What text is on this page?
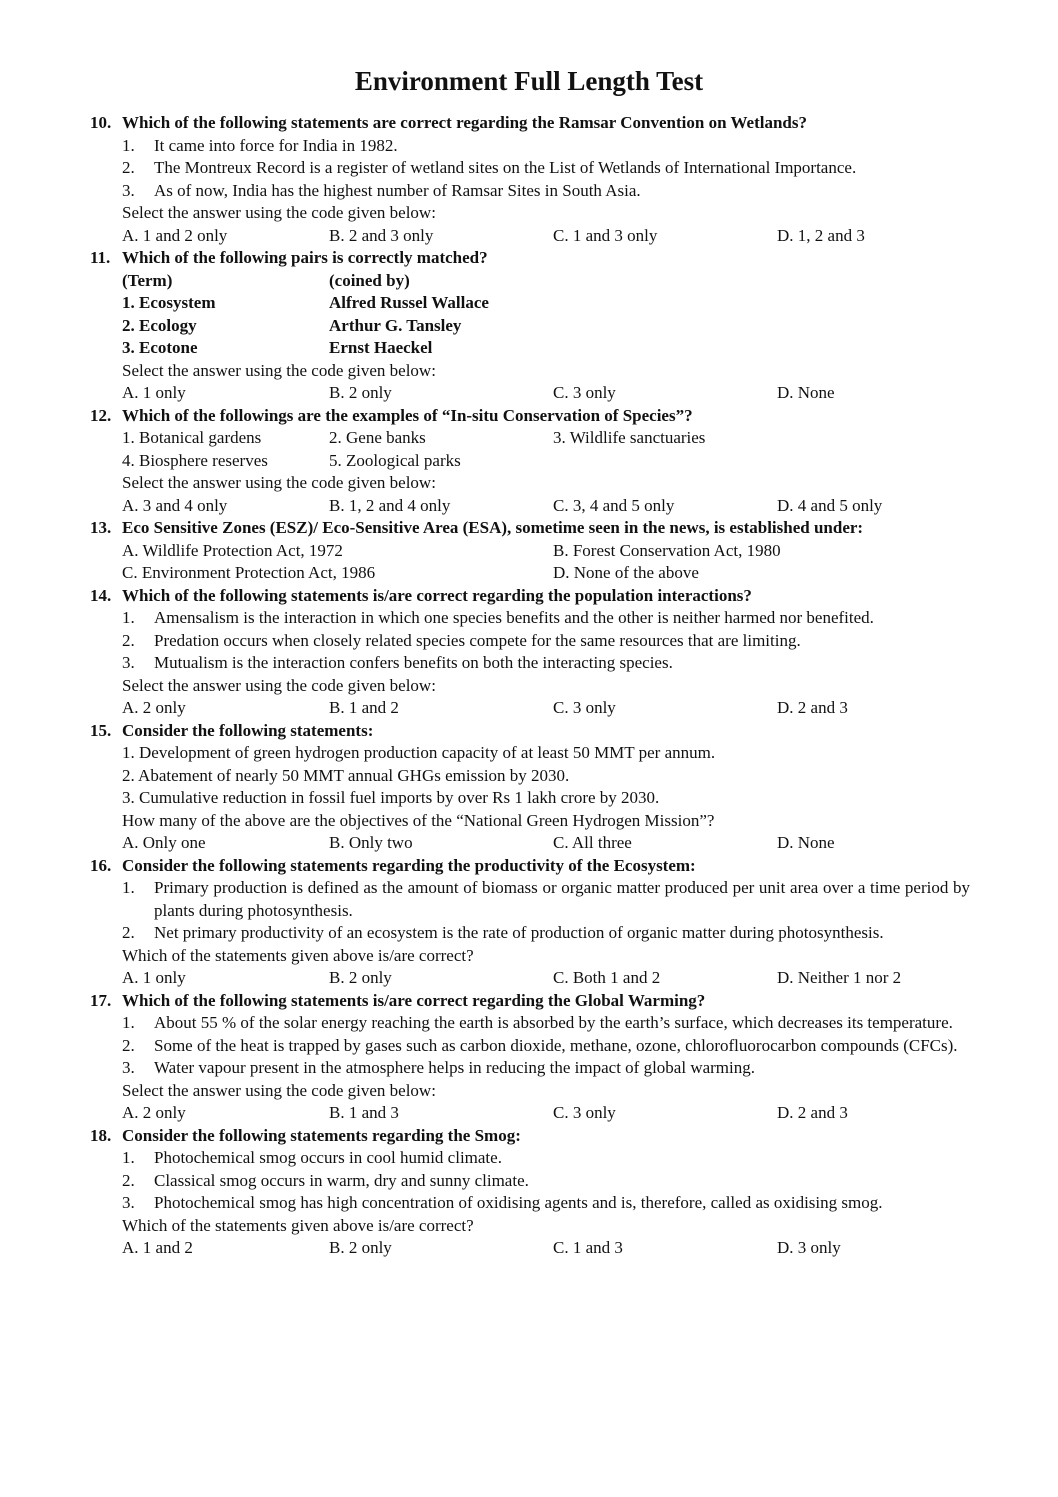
Environment Full Length Test
10. Which of the following statements are correct regarding the Ramsar Convention on Wetlands?
1.	It came into force for India in 1982.
2.	The Montreux Record is a register of wetland sites on the List of Wetlands of International Importance.
3.	As of now, India has the highest number of Ramsar Sites in South Asia.
Select the answer using the code given below:
A. 1 and 2 only	B. 2 and 3 only	C. 1 and 3 only	D. 1, 2 and 3
11. Which of the following pairs is correctly matched?
(Term)	(coined by)
1. Ecosystem	Alfred Russel Wallace
2. Ecology	Arthur G. Tansley
3. Ecotone	Ernst Haeckel
Select the answer using the code given below:
A. 1 only	B. 2 only	C. 3 only	D. None
12. Which of the followings are the examples of “In-situ Conservation of Species”?
1. Botanical gardens	2. Gene banks	3. Wildlife sanctuaries
4. Biosphere reserves	5. Zoological parks
Select the answer using the code given below:
A. 3 and 4 only	B. 1, 2 and 4 only	C. 3, 4 and 5 only	D. 4 and 5 only
13. Eco Sensitive Zones (ESZ)/ Eco-Sensitive Area (ESA), sometime seen in the news, is established under:
A. Wildlife Protection Act, 1972	B. Forest Conservation Act, 1980
C. Environment Protection Act, 1986	D. None of the above
14. Which of the following statements is/are correct regarding the population interactions?
1.	Amensalism is the interaction in which one species benefits and the other is neither harmed nor benefited.
2.	Predation occurs when closely related species compete for the same resources that are limiting.
3.	Mutualism is the interaction confers benefits on both the interacting species.
Select the answer using the code given below:
A. 2 only	B. 1 and 2	C. 3 only	D. 2 and 3
15. Consider the following statements:
1. Development of green hydrogen production capacity of at least 50 MMT per annum.
2. Abatement of nearly 50 MMT annual GHGs emission by 2030.
3. Cumulative reduction in fossil fuel imports by over Rs 1 lakh crore by 2030.
How many of the above are the objectives of the “National Green Hydrogen Mission”?
A. Only one	B. Only two	C. All three	D. None
16. Consider the following statements regarding the productivity of the Ecosystem:
1.	Primary production is defined as the amount of biomass or organic matter produced per unit area over a time period by plants during photosynthesis.
2.	Net primary productivity of an ecosystem is the rate of production of organic matter during photosynthesis.
Which of the statements given above is/are correct?
A. 1 only	B. 2 only	C. Both 1 and 2	D. Neither 1 nor 2
17. Which of the following statements is/are correct regarding the Global Warming?
1.	About 55 % of the solar energy reaching the earth is absorbed by the earth’s surface, which decreases its temperature.
2.	Some of the heat is trapped by gases such as carbon dioxide, methane, ozone, chlorofluorocarbon compounds (CFCs).
3.	Water vapour present in the atmosphere helps in reducing the impact of global warming.
Select the answer using the code given below:
A. 2 only	B. 1 and 3	C. 3 only	D. 2 and 3
18. Consider the following statements regarding the Smog:
1.	Photochemical smog occurs in cool humid climate.
2.	Classical smog occurs in warm, dry and sunny climate.
3.	Photochemical smog has high concentration of oxidising agents and is, therefore, called as oxidising smog.
Which of the statements given above is/are correct?
A. 1 and 2	B. 2 only	C. 1 and 3	D. 3 only
